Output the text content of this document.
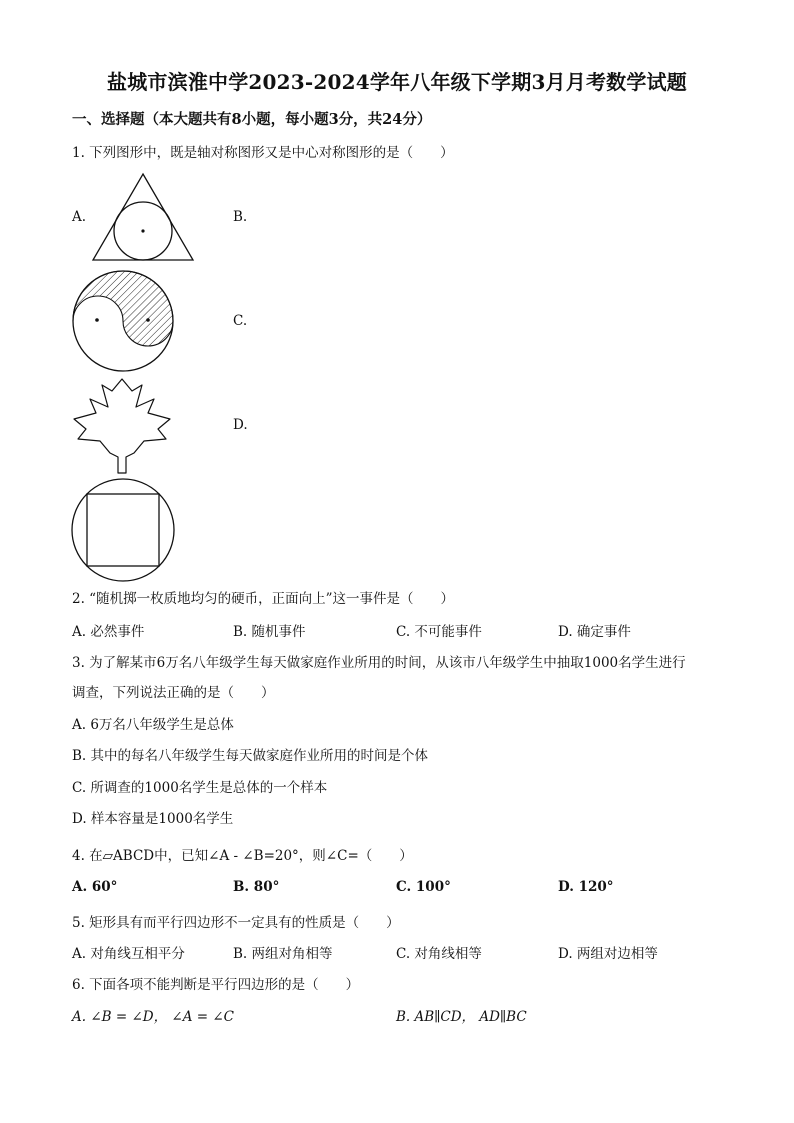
盐城市滨淮中学2023-2024学年八年级下学期3月月考数学试题
一、选择题（本大题共有8小题，每小题3分，共24分）
1. 下列图形中，既是轴对称图形又是中心对称图形的是（　　）
A.	B.
C.
D.
2. “随机掷一枚质地均匀的硬币，正面向上”这一事件是（　　）
A. 必然事件	B. 随机事件	C. 不可能事件	D. 确定事件
3. 为了解某市6万名八年级学生每天做家庭作业所用的时间，从该市八年级学生中抽取1000名学生进行
调查，下列说法正确的是（　　）
A. 6万名八年级学生是总体
B. 其中的每名八年级学生每天做家庭作业所用的时间是个体
C. 所调查的1000名学生是总体的一个样本
D. 样本容量是1000名学生
4. 在▱ABCD中，已知∠A - ∠B=20°，则∠C=（　　）
A. 60°	B. 80°	C. 100°	D. 120°
5. 矩形具有而平行四边形不一定具有的性质是（　　）
A. 对角线互相平分	B. 两组对角相等	C. 对角线相等	D. 两组对边相等
6. 下面各项不能判断是平行四边形的是（　　）
A. ∠B = ∠D， ∠A = ∠C	B. AB∥CD， AD∥BC
